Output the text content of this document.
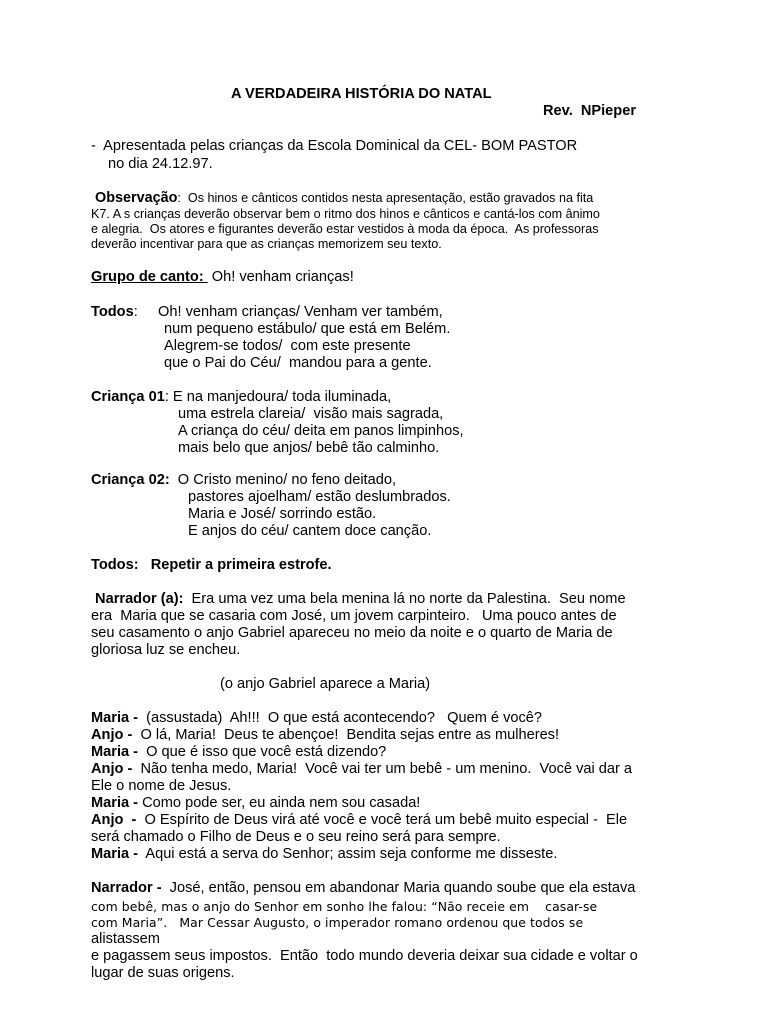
A VERDADEIRA HISTÓRIA DO NATAL
Rev.  NPieper
-  Apresentada pelas crianças da Escola Dominical da CEL- BOM PASTOR
no dia 24.12.97.
Observação:  Os hinos e cânticos contidos nesta apresentação, estão gravados na fita
K7. A s crianças deverão observar bem o ritmo dos hinos e cânticos e cantá-los com ânimo
e alegria.  Os atores e figurantes deverão estar vestidos à moda da época.  As professoras
deverão incentivar para que as crianças memorizem seu texto.
Grupo de canto:  Oh! venham crianças!
Todos:     Oh! venham crianças/ Venham ver também,
num pequeno estábulo/ que está em Belém.
Alegrem-se todos/  com este presente
que o Pai do Céu/  mandou para a gente.
Criança 01: E na manjedoura/ toda iluminada,
uma estrela clareia/  visão mais sagrada,
A criança do céu/ deita em panos limpinhos,
mais belo que anjos/ bebê tão calminho.
Criança 02:  O Cristo menino/ no feno deitado,
pastores ajoelham/ estão deslumbrados.
Maria e José/ sorrindo estão.
E anjos do céu/ cantem doce canção.
Todos:   Repetir a primeira estrofe.
Narrador (a):  Era uma vez uma bela menina lá no norte da Palestina.  Seu nome
era  Maria que se casaria com José, um jovem carpinteiro.   Uma pouco antes de
seu casamento o anjo Gabriel apareceu no meio da noite e o quarto de Maria de
gloriosa luz se encheu.
(o anjo Gabriel aparece a Maria)
Maria -  (assustada)  Ah!!!  O que está acontecendo?   Quem é você?
Anjo -  O lá, Maria!  Deus te abençoe!  Bendita sejas entre as mulheres!
Maria -  O que é isso que você está dizendo?
Anjo -  Não tenha medo, Maria!  Você vai ter um bebê - um menino.  Você vai dar a
Ele o nome de Jesus.
Maria - Como pode ser, eu ainda nem sou casada!
Anjo  -  O Espírito de Deus virá até você e você terá um bebê muito especial -  Ele
será chamado o Filho de Deus e o seu reino será para sempre.
Maria -  Aqui está a serva do Senhor; assim seja conforme me disseste.
Narrador -  José, então, pensou em abandonar Maria quando soube que ela estava
com bebê, mas o anjo do Senhor em sonho lhe falou: “Não receie em    casar-se
com Maria”.   Mar Cessar Augusto, o imperador romano ordenou que todos se
alistassem
e pagassem seus impostos.  Então  todo mundo deveria deixar sua cidade e voltar o
lugar de suas origens.
